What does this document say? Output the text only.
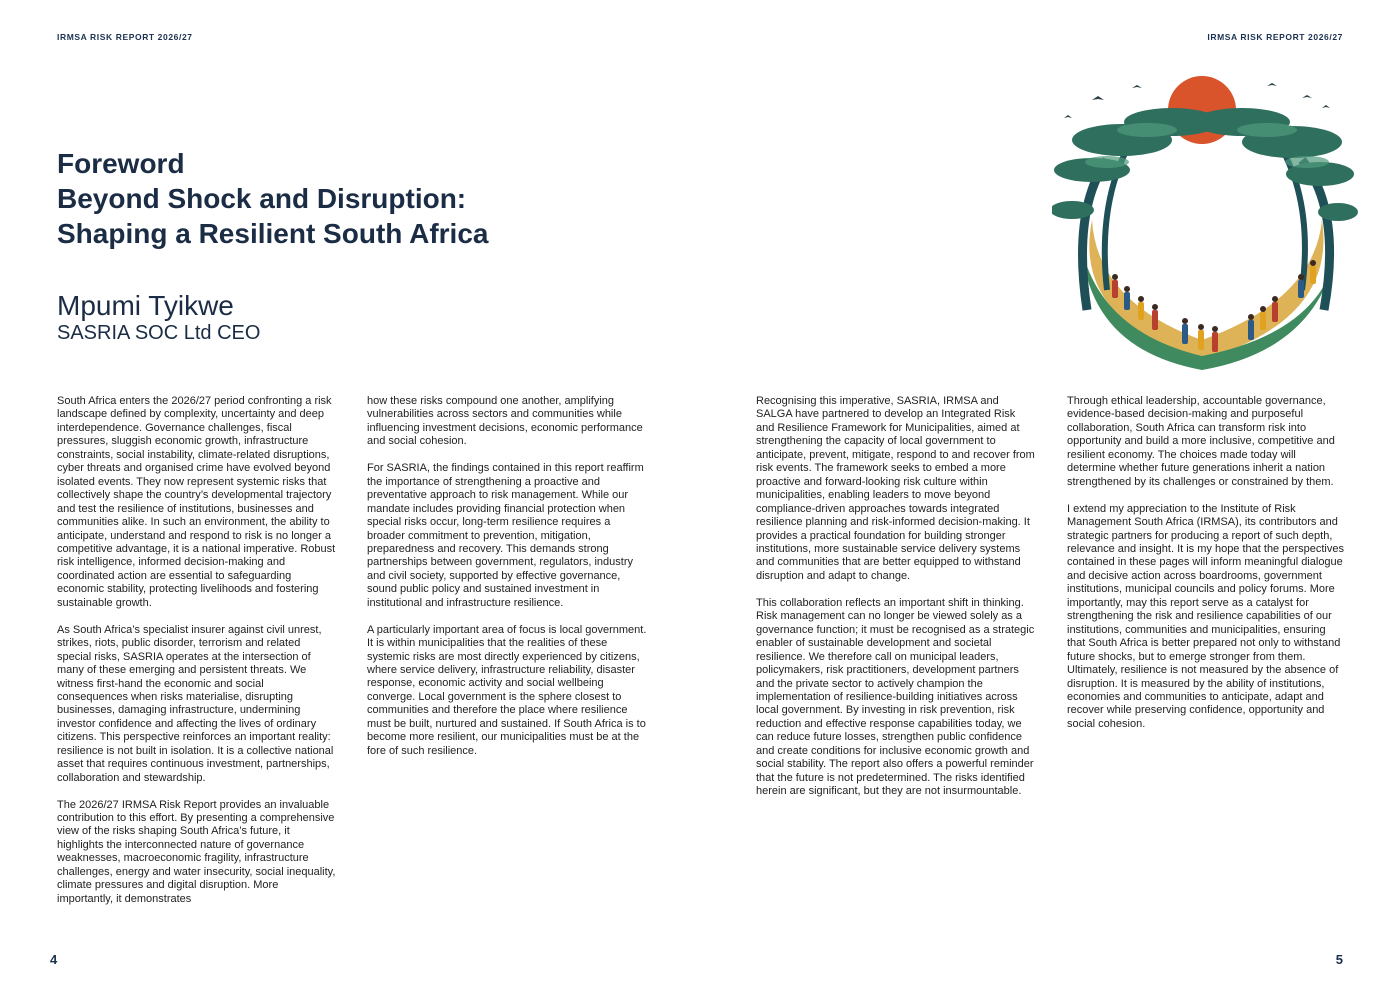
IRMSA RISK REPORT 2026/27
Foreword
Beyond Shock and Disruption:
Shaping a Resilient South Africa
Mpumi Tyikwe
SASRIA SOC Ltd CEO

South Africa enters the 2026/27 period confronting a risk landscape defined by complexity, uncertainty and deep interdependence. Governance challenges, fiscal pressures, sluggish economic growth, infrastructure constraints, social instability, climate-related disruptions, cyber threats and organised crime have evolved beyond isolated events. They now represent systemic risks that collectively shape the country’s developmental trajectory and test the resilience of institutions, businesses and communities alike. In such an environment, the ability to anticipate, understand and respond to risk is no longer a competitive advantage, it is a national imperative. Robust risk intelligence, informed decision-making and coordinated action are essential to safeguarding economic stability, protecting livelihoods and fostering sustainable growth.

As South Africa’s specialist insurer against civil unrest, strikes, riots, public disorder, terrorism and related special risks, SASRIA operates at the intersection of many of these emerging and persistent threats. We witness first-hand the economic and social consequences when risks materialise, disrupting businesses, damaging infrastructure, undermining investor confidence and affecting the lives of ordinary citizens. This perspective reinforces an important reality: resilience is not built in isolation. It is a collective national asset that requires continuous investment, partnerships, collaboration and stewardship.

The 2026/27 IRMSA Risk Report provides an invaluable contribution to this effort. By presenting a comprehensive view of the risks shaping South Africa’s future, it highlights the interconnected nature of governance weaknesses, macroeconomic fragility, infrastructure challenges, energy and water insecurity, social inequality, climate pressures and digital disruption. More importantly, it demonstrates

how these risks compound one another, amplifying vulnerabilities across sectors and communities while influencing investment decisions, economic performance and social cohesion.

For SASRIA, the findings contained in this report reaffirm the importance of strengthening a proactive and preventative approach to risk management. While our mandate includes providing financial protection when special risks occur, long-term resilience requires a broader commitment to prevention, mitigation, preparedness and recovery. This demands strong partnerships between government, regulators, industry and civil society, supported by effective governance, sound public policy and sustained investment in institutional and infrastructure resilience.

A particularly important area of focus is local government. It is within municipalities that the realities of these systemic risks are most directly experienced by citizens, where service delivery, infrastructure reliability, disaster response, economic activity and social wellbeing converge. Local government is the sphere closest to communities and therefore the place where resilience must be built, nurtured and sustained. If South Africa is to become more resilient, our municipalities must be at the fore of such resilience.

4
IRMSA RISK REPORT 2026/27

Recognising this imperative, SASRIA, IRMSA and SALGA have partnered to develop an Integrated Risk and Resilience Framework for Municipalities, aimed at strengthening the capacity of local government to anticipate, prevent, mitigate, respond to and recover from risk events. The framework seeks to embed a more proactive and forward-looking risk culture within municipalities, enabling leaders to move beyond compliance-driven approaches towards integrated resilience planning and risk-informed decision-making. It provides a practical foundation for building stronger institutions, more sustainable service delivery systems and communities that are better equipped to withstand disruption and adapt to change.

This collaboration reflects an important shift in thinking. Risk management can no longer be viewed solely as a governance function; it must be recognised as a strategic enabler of sustainable development and societal resilience. We therefore call on municipal leaders, policymakers, risk practitioners, development partners and the private sector to actively champion the implementation of resilience-building initiatives across local government. By investing in risk prevention, risk reduction and effective response capabilities today, we can reduce future losses, strengthen public confidence and create conditions for inclusive economic growth and social stability. The report also offers a powerful reminder that the future is not predetermined. The risks identified herein are significant, but they are not insurmountable.

Through ethical leadership, accountable governance, evidence-based decision-making and purposeful collaboration, South Africa can transform risk into opportunity and build a more inclusive, competitive and resilient economy. The choices made today will determine whether future generations inherit a nation strengthened by its challenges or constrained by them.

I extend my appreciation to the Institute of Risk Management South Africa (IRMSA), its contributors and strategic partners for producing a report of such depth, relevance and insight. It is my hope that the perspectives contained in these pages will inform meaningful dialogue and decisive action across boardrooms, government institutions, municipal councils and policy forums. More importantly, may this report serve as a catalyst for strengthening the risk and resilience capabilities of our institutions, communities and municipalities, ensuring that South Africa is better prepared not only to withstand future shocks, but to emerge stronger from them. Ultimately, resilience is not measured by the absence of disruption. It is measured by the ability of institutions, economies and communities to anticipate, adapt and recover while preserving confidence, opportunity and social cohesion.

5
